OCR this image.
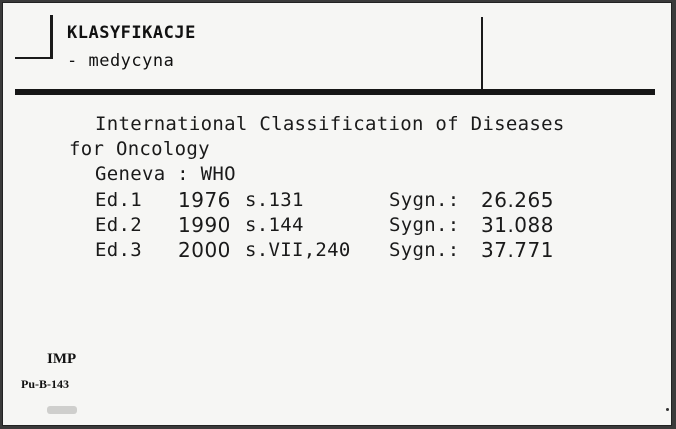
KLASYFIKACJE
- medycyna
International Classification of Diseases
for Oncology
Geneva : WHO
Ed.1 1976 s.131	Sygn.: 26.265
Ed.2 1990 s.144	Sygn.: 31.088
Ed.3 2000 s.VII,240 Sygn.: 37.771
IMP
Pu-B-143
